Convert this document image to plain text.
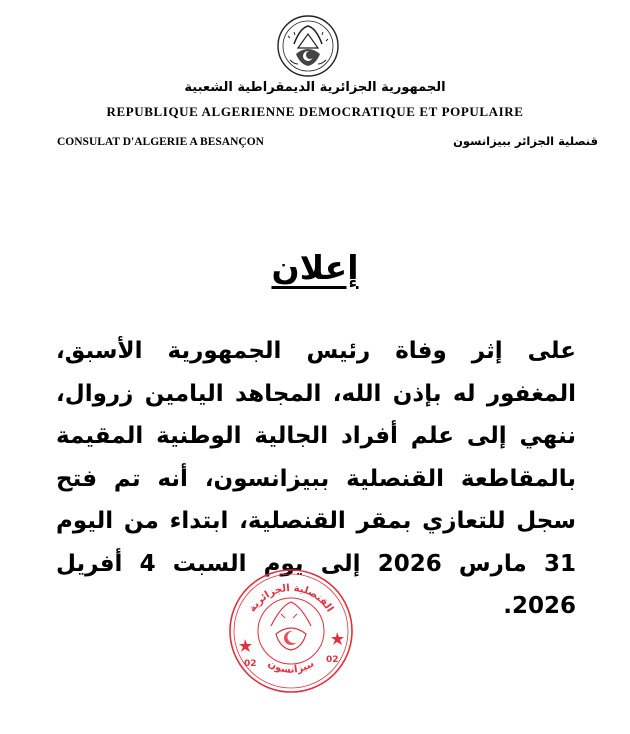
الجمهورية الجزائرية الديمقراطية الشعبية
REPUBLIQUE ALGERIENNE DEMOCRATIQUE ET POPULAIRE
CONSULAT D'ALGERIE A BESANÇON	قنصلية الجزائر ببيزانسون
إعلان
على إثر وفاة رئيس الجمهورية الأسبق، المغفور له بإذن الله، المجاهد اليامين زروال، ننهي إلى علم أفراد الجالية الوطنية المقيمة بالمقاطعة القنصلية ببيزانسون، أنه تم فتح سجل للتعازي بمقر القنصلية، ابتداء من اليوم 31 مارس 2026 إلى يوم السبت 4 أفريل 2026.
القنصلية الجزائرية
ببيزانسون
02	02
